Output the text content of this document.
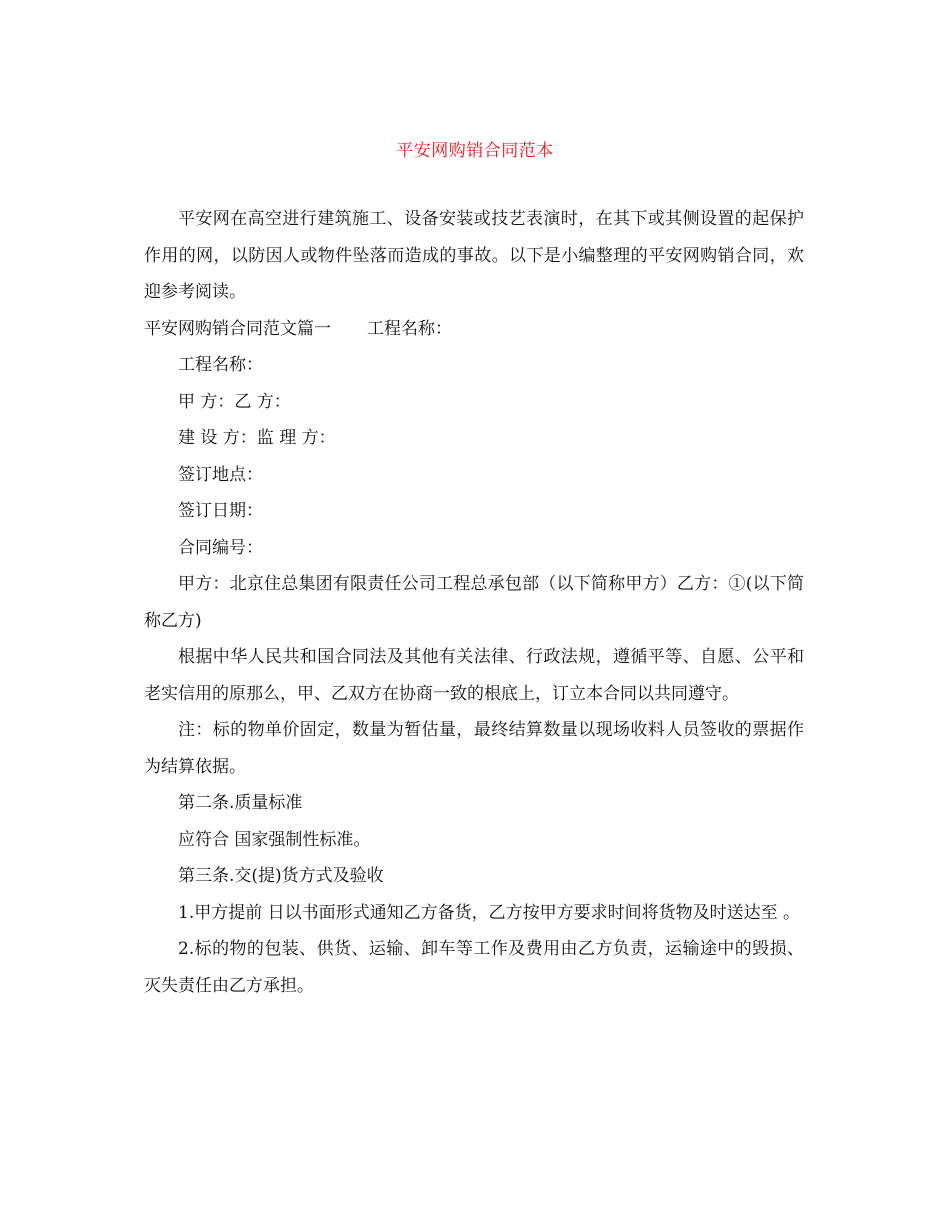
平安网购销合同范本

平安网在高空进行建筑施工、设备安装或技艺表演时，在其下或其侧设置的起保护作用的网，以防因人或物件坠落而造成的事故。以下是小编整理的平安网购销合同，欢迎参考阅读。

平安网购销合同范文篇一 工程名称：

工程名称：

甲 方：乙 方：

建 设 方：监 理 方：

签订地点：

签订日期：

合同编号：

甲方：北京住总集团有限责任公司工程总承包部（以下简称甲方）乙方：①(以下简称乙方)

根据中华人民共和国合同法及其他有关法律、行政法规，遵循平等、自愿、公平和老实信用的原那么，甲、乙双方在协商一致的根底上，订立本合同以共同遵守。

注：标的物单价固定，数量为暂估量，最终结算数量以现场收料人员签收的票据作为结算依据。

第二条.质量标准

应符合 国家强制性标准。

第三条.交(提)货方式及验收

1.甲方提前 日以书面形式通知乙方备货，乙方按甲方要求时间将货物及时送达至 。

2.标的物的包装、供货、运输、卸车等工作及费用由乙方负责，运输途中的毁损、灭失责任由乙方承担。
